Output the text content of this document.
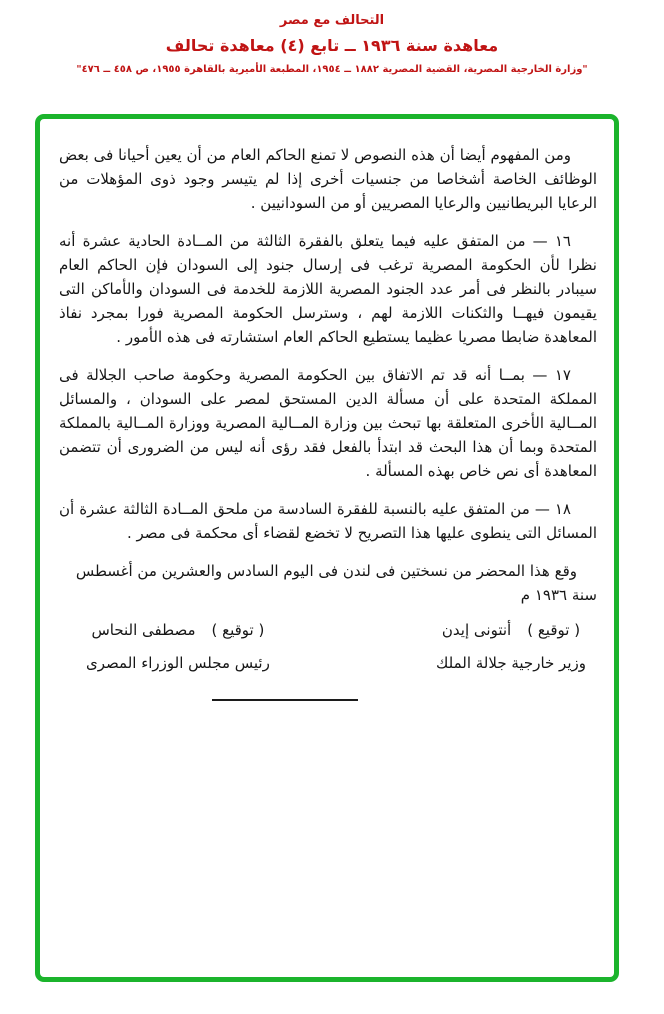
التحالف مع مصر
معاهدة سنة ١٩٣٦ ــ تابع (٤) معاهدة تحالف
"وزارة الخارجية المصرية، القضية المصرية ١٨٨٢ ــ ١٩٥٤، المطبعة الأميرية بالقاهرة ١٩٥٥، ص ٤٥٨ ــ ٤٧٦"
ومن المفهوم أيضا أن هذه النصوص لا تمنع الحاكم العام من أن يعين أحيانا فى بعض الوظائف الخاصة أشخاصا من جنسيات أخرى إذا لم يتيسر وجود ذوى المؤهلات من الرعايا البريطانيين والرعايا المصريين أو من السودانيين .
١٦ — من المتفق عليه فيما يتعلق بالفقرة الثالثة من المــادة الحادية عشرة أنه نظرا لأن الحكومة المصرية ترغب فى إرسال جنود إلى السودان فإن الحاكم العام سيبادر بالنظر فى أمر عدد الجنود المصرية اللازمة للخدمة فى السودان والأماكن التى يقيمون فيهــا والثكنات اللازمة لهم ، وسترسل الحكومة المصرية فورا بمجرد نفاذ المعاهدة ضابطا مصريا عظيما يستطيع الحاكم العام استشارته فى هذه الأمور .
١٧ — بمــا أنه قد تم الاتفاق بين الحكومة المصرية وحكومة صاحب الجلالة فى المملكة المتحدة على أن مسألة الدين المستحق لمصر على السودان ، والمسائل المــالية الأخرى المتعلقة بها تبحث بين وزارة المــالية المصرية ووزارة المــالية بالمملكة المتحدة وبما أن هذا البحث قد ابتدأ بالفعل فقد رؤى أنه ليس من الضرورى أن تتضمن المعاهدة أى نص خاص بهذه المسألة .
١٨ — من المتفق عليه بالنسبة للفقرة السادسة من ملحق المــادة الثالثة عشرة أن المسائل التى ينطوى عليها هذا التصريح لا تخضع لقضاء أى محكمة فى مصر .
وقع هذا المحضر من نسختين فى لندن فى اليوم السادس والعشرين من أغسطس سنة ١٩٣٦ م
( توقيع )
أنتونى إيدن
وزير خارجية جلالة الملك
( توقيع )
مصطفى النحاس
رئيس مجلس الوزراء المصرى
